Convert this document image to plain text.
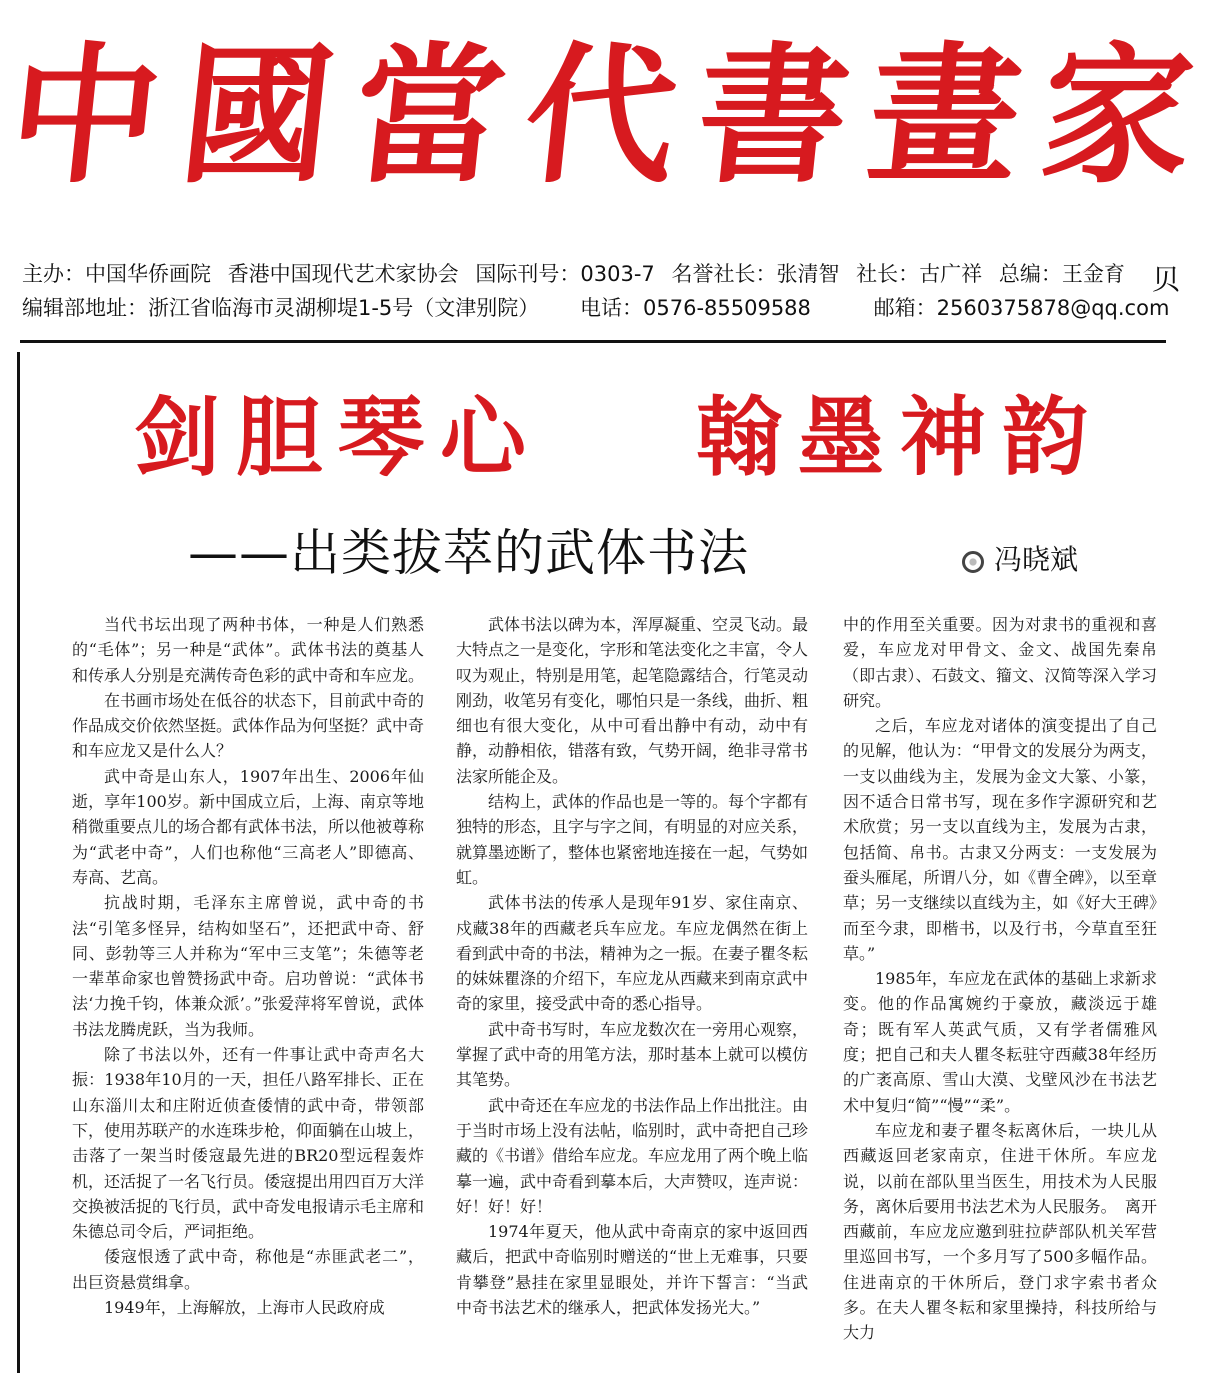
中國當代書畫家
主办：中国华侨画院 香港中国现代艺术家协会 国际刊号：0303-7 名誉社长：张清智 社长：古广祥 总编：王金育
编辑部地址：浙江省临海市灵湖柳堤1-5号（文津别院） 电话：0576-85509588	邮箱：2560375878@qq.com
贝
剑胆琴心 翰墨神韵
——出类拔萃的武体书法	冯晓斌

当代书坛出现了两种书体，一种是人们熟悉的“毛体”；另一种是“武体”。武体书法的奠基人和传承人分别是充满传奇色彩的武中奇和车应龙。

在书画市场处在低谷的状态下，目前武中奇的作品成交价依然坚挺。武体作品为何坚挺？武中奇和车应龙又是什么人？

武中奇是山东人，1907年出生、2006年仙逝，享年100岁。新中国成立后，上海、南京等地稍微重要点儿的场合都有武体书法，所以他被尊称为“武老中奇”，人们也称他“三高老人”即德高、寿高、艺高。

抗战时期，毛泽东主席曾说，武中奇的书法“引笔多怪异，结构如坚石”，还把武中奇、舒同、彭勃等三人并称为“军中三支笔”；朱德等老一辈革命家也曾赞扬武中奇。启功曾说：“武体书法‘力挽千钧，体兼众派’。”张爱萍将军曾说，武体书法龙腾虎跃，当为我师。

除了书法以外，还有一件事让武中奇声名大振：1938年10月的一天，担任八路军排长、正在山东淄川太和庄附近侦查倭情的武中奇，带领部下，使用苏联产的水连珠步枪，仰面躺在山坡上，击落了一架当时倭寇最先进的BR20型远程轰炸机，还活捉了一名飞行员。倭寇提出用四百万大洋交换被活捉的飞行员，武中奇发电报请示毛主席和朱德总司令后，严词拒绝。

倭寇恨透了武中奇，称他是“赤匪武老二”，出巨资悬赏缉拿。

1949年，上海解放，上海市人民政府成

武体书法以碑为本，浑厚凝重、空灵飞动。最大特点之一是变化，字形和笔法变化之丰富，令人叹为观止，特别是用笔，起笔隐露结合，行笔灵动刚劲，收笔另有变化，哪怕只是一条线，曲折、粗细也有很大变化，从中可看出静中有动，动中有静，动静相依，错落有致，气势开阔，绝非寻常书法家所能企及。

结构上，武体的作品也是一等的。每个字都有独特的形态，且字与字之间，有明显的对应关系，就算墨迹断了，整体也紧密地连接在一起，气势如虹。

武体书法的传承人是现年91岁、家住南京、戍藏38年的西藏老兵车应龙。车应龙偶然在街上看到武中奇的书法，精神为之一振。在妻子瞿冬耘的妹妹瞿涤的介绍下，车应龙从西藏来到南京武中奇的家里，接受武中奇的悉心指导。

武中奇书写时，车应龙数次在一旁用心观察，掌握了武中奇的用笔方法，那时基本上就可以模仿其笔势。

武中奇还在车应龙的书法作品上作出批注。由于当时市场上没有法帖，临别时，武中奇把自己珍藏的《书谱》借给车应龙。车应龙用了两个晚上临摹一遍，武中奇看到摹本后，大声赞叹，连声说：好！好！好！

1974年夏天，他从武中奇南京的家中返回西藏后，把武中奇临别时赠送的“世上无难事，只要肯攀登”悬挂在家里显眼处，并许下誓言：“当武中奇书法艺术的继承人，把武体发扬光大。”

中的作用至关重要。因为对隶书的重视和喜爱，车应龙对甲骨文、金文、战国先秦帛（即古隶）、石鼓文、籀文、汉简等深入学习研究。

之后，车应龙对诸体的演变提出了自己的见解，他认为：“甲骨文的发展分为两支，一支以曲线为主，发展为金文大篆、小篆，因不适合日常书写，现在多作字源研究和艺术欣赏；另一支以直线为主，发展为古隶，包括简、帛书。古隶又分两支：一支发展为蚕头雁尾，所谓八分，如《曹全碑》，以至章草；另一支继续以直线为主，如《好大王碑》而至今隶，即楷书，以及行书，今草直至狂草。”

1985年，车应龙在武体的基础上求新求变。他的作品寓婉约于豪放，藏淡远于雄奇；既有军人英武气质，又有学者儒雅风度；把自己和夫人瞿冬耘驻守西藏38年经历的广袤高原、雪山大漠、戈壁风沙在书法艺术中复归“简”“慢”“柔”。

车应龙和妻子瞿冬耘离休后，一块儿从西藏返回老家南京，住进干休所。车应龙说，以前在部队里当医生，用技术为人民服务，离休后要用书法艺术为人民服务。　离开西藏前，车应龙应邀到驻拉萨部队机关军营里巡回书写，一个多月写了500多幅作品。住进南京的干休所后，登门求字索书者众多。在夫人瞿冬耘和家里操持，科技所给与大力
